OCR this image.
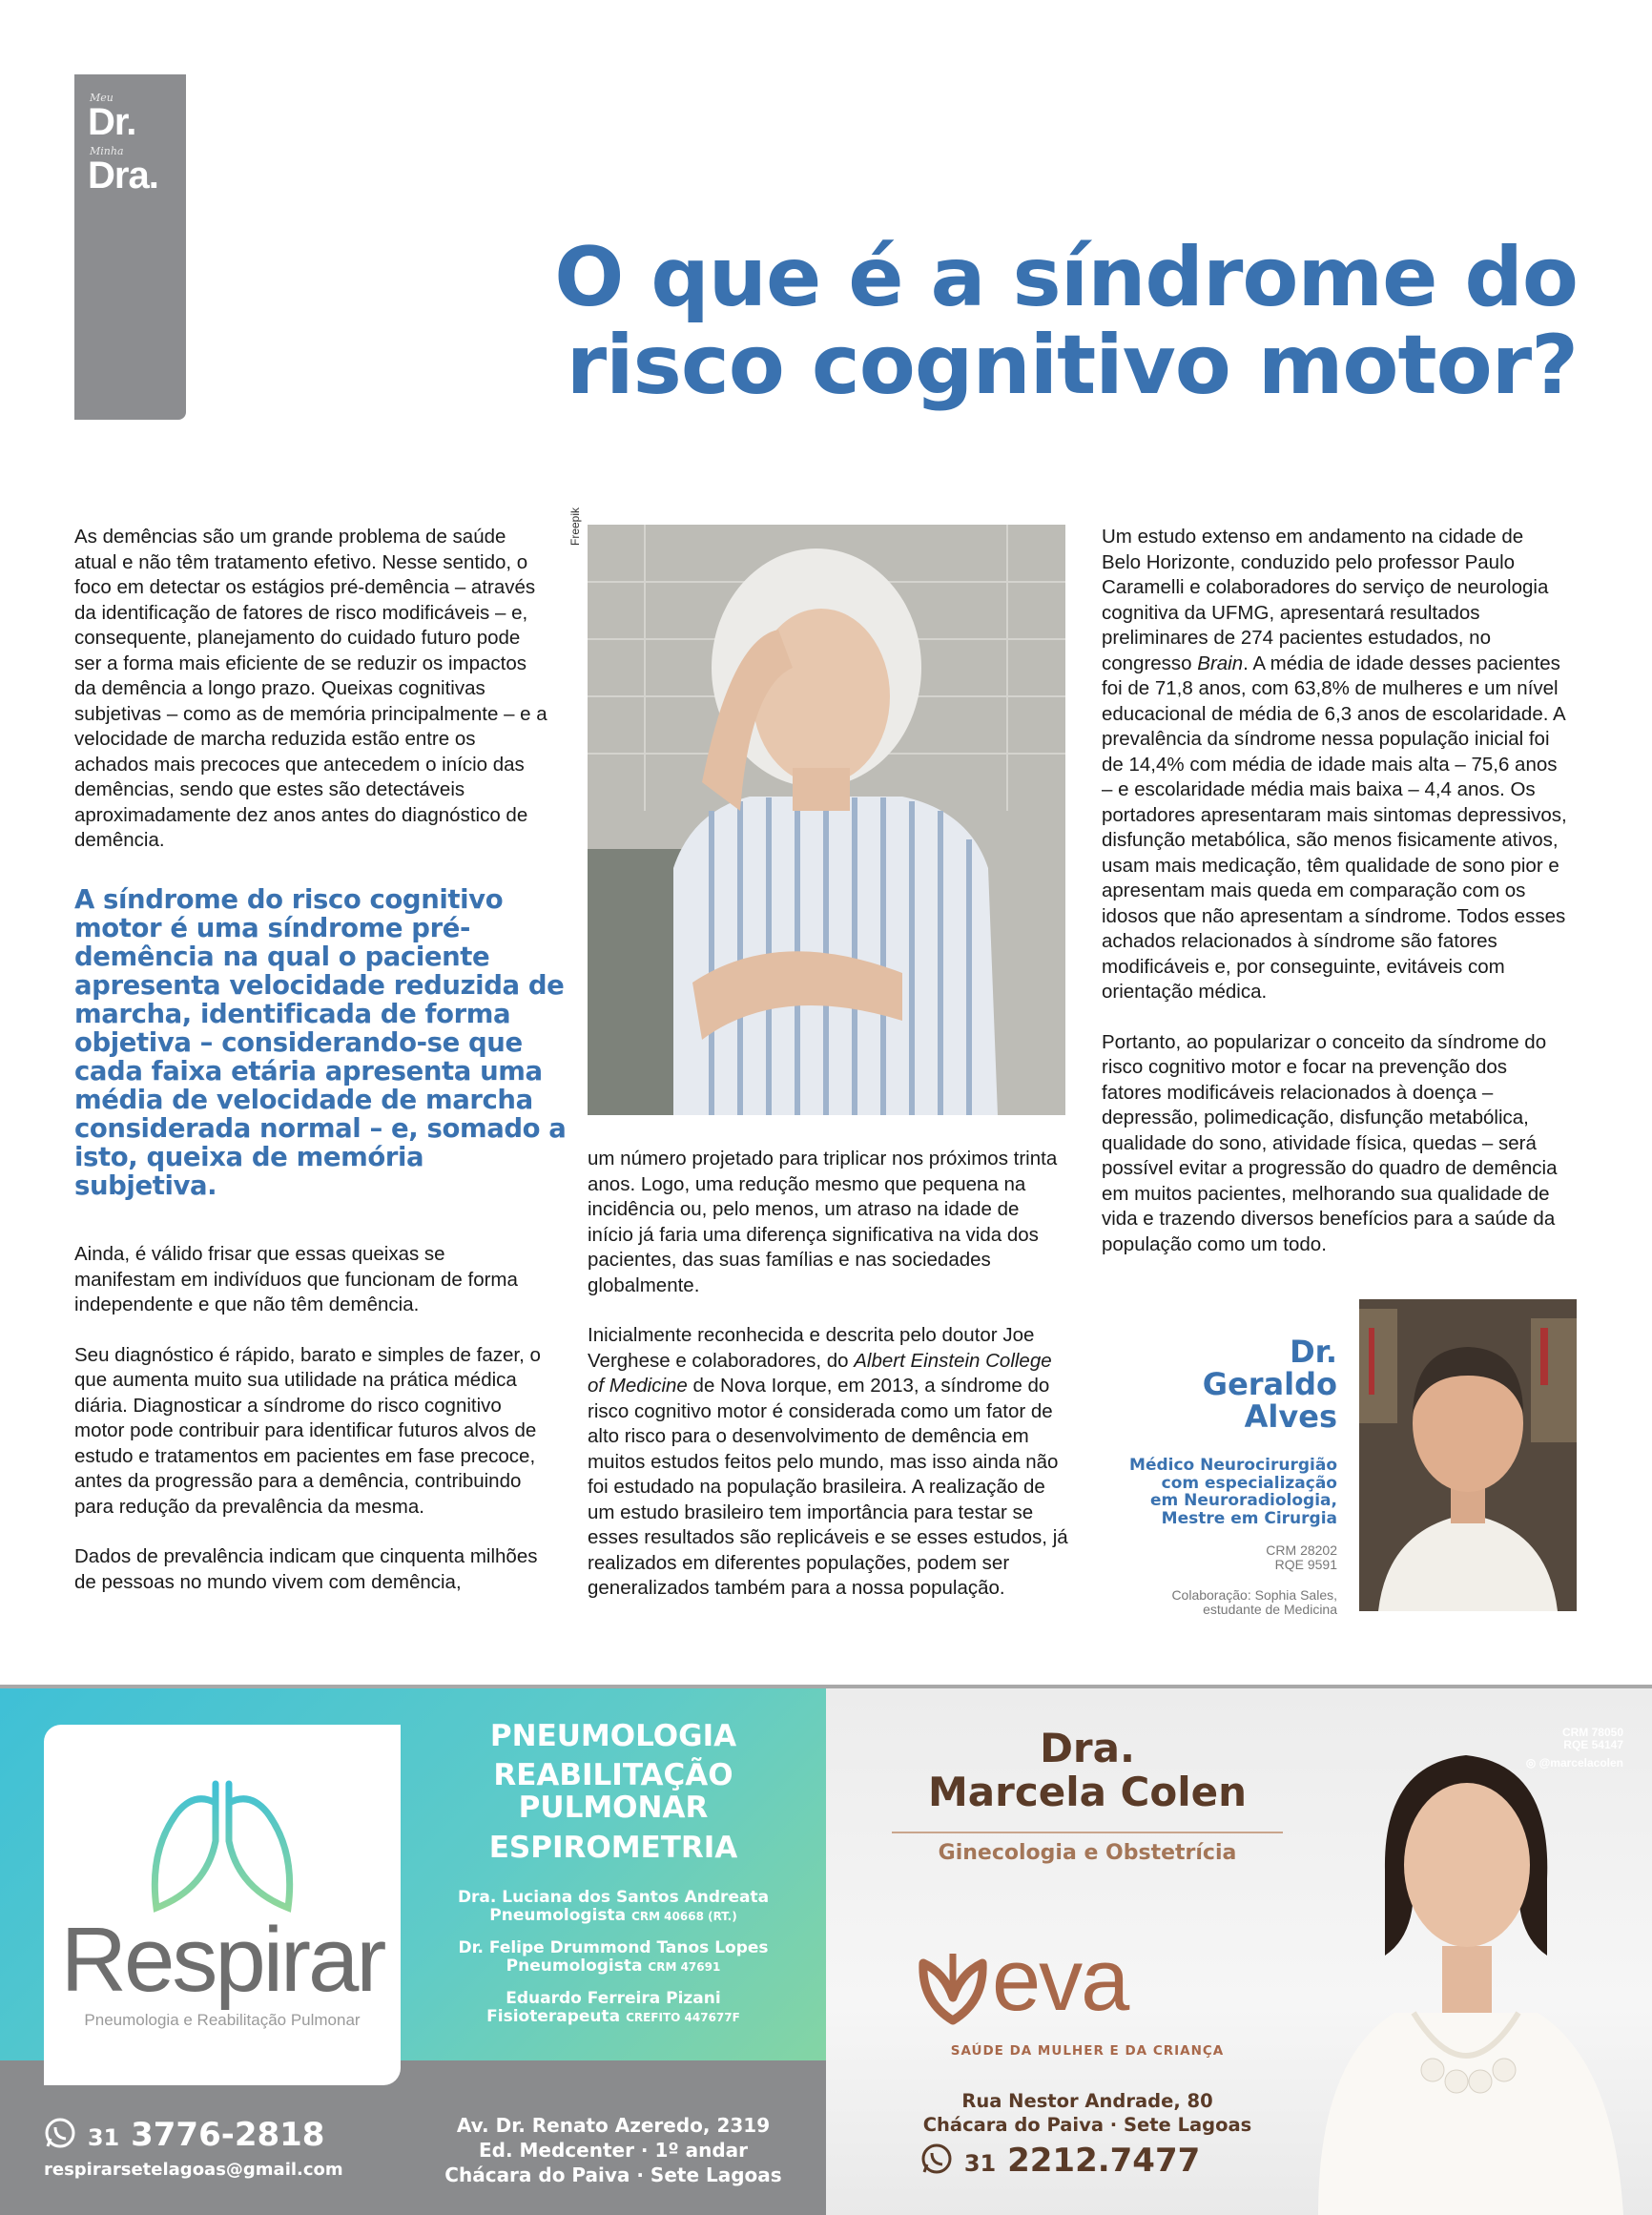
Meu
Dr.
Minha
Dra.
O que é a síndrome do
risco cognitivo motor?

As demências são um grande problema de saúde atual e não têm tratamento efetivo. Nesse sentido, o foco em detectar os estágios pré-demência – através da identificação de fatores de risco modificáveis – e, consequente, planejamento do cuidado futuro pode ser a forma mais eficiente de se reduzir os impactos da demência a longo prazo. Queixas cognitivas subjetivas – como as de memória principalmente – e a velocidade de marcha reduzida estão entre os achados mais precoces que antecedem o início das demências, sendo que estes são detectáveis aproximadamente dez anos antes do diagnóstico de demência.

A síndrome do risco cognitivo motor é uma síndrome pré-demência na qual o paciente apresenta velocidade reduzida de marcha, identificada de forma objetiva – considerando-se que cada faixa etária apresenta uma média de velocidade de marcha considerada normal – e, somado a isto, queixa de memória subjetiva.

Ainda, é válido frisar que essas queixas se manifestam em indivíduos que funcionam de forma independente e que não têm demência.

Seu diagnóstico é rápido, barato e simples de fazer, o que aumenta muito sua utilidade na prática médica diária. Diagnosticar a síndrome do risco cognitivo motor pode contribuir para identificar futuros alvos de estudo e tratamentos em pacientes em fase precoce, antes da progressão para a demência, contribuindo para redução da prevalência da mesma.

Dados de prevalência indicam que cinquenta milhões de pessoas no mundo vivem com demência,

Freepik

um número projetado para triplicar nos próximos trinta anos. Logo, uma redução mesmo que pequena na incidência ou, pelo menos, um atraso na idade de início já faria uma diferença significativa na vida dos pacientes, das suas famílias e nas sociedades globalmente.

Inicialmente reconhecida e descrita pelo doutor Joe Verghese e colaboradores, do Albert Einstein College of Medicine de Nova Iorque, em 2013, a síndrome do risco cognitivo motor é considerada como um fator de alto risco para o desenvolvimento de demência em muitos estudos feitos pelo mundo, mas isso ainda não foi estudado na população brasileira. A realização de um estudo brasileiro tem importância para testar se esses resultados são replicáveis e se esses estudos, já realizados em diferentes populações, podem ser generalizados também para a nossa população.

Um estudo extenso em andamento na cidade de Belo Horizonte, conduzido pelo professor Paulo Caramelli e colaboradores do serviço de neurologia cognitiva da UFMG, apresentará resultados preliminares de 274 pacientes estudados, no congresso Brain. A média de idade desses pacientes foi de 71,8 anos, com 63,8% de mulheres e um nível educacional de média de 6,3 anos de escolaridade. A prevalência da síndrome nessa população inicial foi de 14,4% com média de idade mais alta – 75,6 anos – e escolaridade média mais baixa – 4,4 anos. Os portadores apresentaram mais sintomas depressivos, disfunção metabólica, são menos fisicamente ativos, usam mais medicação, têm qualidade de sono pior e apresentam mais queda em comparação com os idosos que não apresentam a síndrome. Todos esses achados relacionados à síndrome são fatores modificáveis e, por conseguinte, evitáveis com orientação médica.

Portanto, ao popularizar o conceito da síndrome do risco cognitivo motor e focar na prevenção dos fatores modificáveis relacionados à doença – depressão, polimedicação, disfunção metabólica, qualidade do sono, atividade física, quedas – será possível evitar a progressão do quadro de demência em muitos pacientes, melhorando sua qualidade de vida e trazendo diversos benefícios para a saúde da população como um todo.

Dr.
Geraldo
Alves
Médico Neurocirurgião
com especialização
em Neuroradiologia,
Mestre em Cirurgia
CRM 28202
RQE 9591
Colaboração: Sophia Sales,
estudante de Medicina
Respirar
Pneumologia e Reabilitação Pulmonar
PNEUMOLOGIA
REABILITAÇÃO
PULMONAR
ESPIROMETRIA
Dra. Luciana dos Santos Andreata
Pneumologista CRM 40668 (RT.)
Dr. Felipe Drummond Tanos Lopes
Pneumologista CRM 47691
Eduardo Ferreira Pizani
Fisioterapeuta CREFITO 447677F
31 3776-2818
respirarsetelagoas@gmail.com
Av. Dr. Renato Azeredo, 2319
Ed. Medcenter · 1º andar
Chácara do Paiva · Sete Lagoas
CRM 78050
RQE 54147
◎ @marcelacolen
Dra.
Marcela Colen
Ginecologia e Obstetrícia
eva
SAÚDE DA MULHER E DA CRIANÇA
Rua Nestor Andrade, 80
Chácara do Paiva · Sete Lagoas
31 2212.7477
